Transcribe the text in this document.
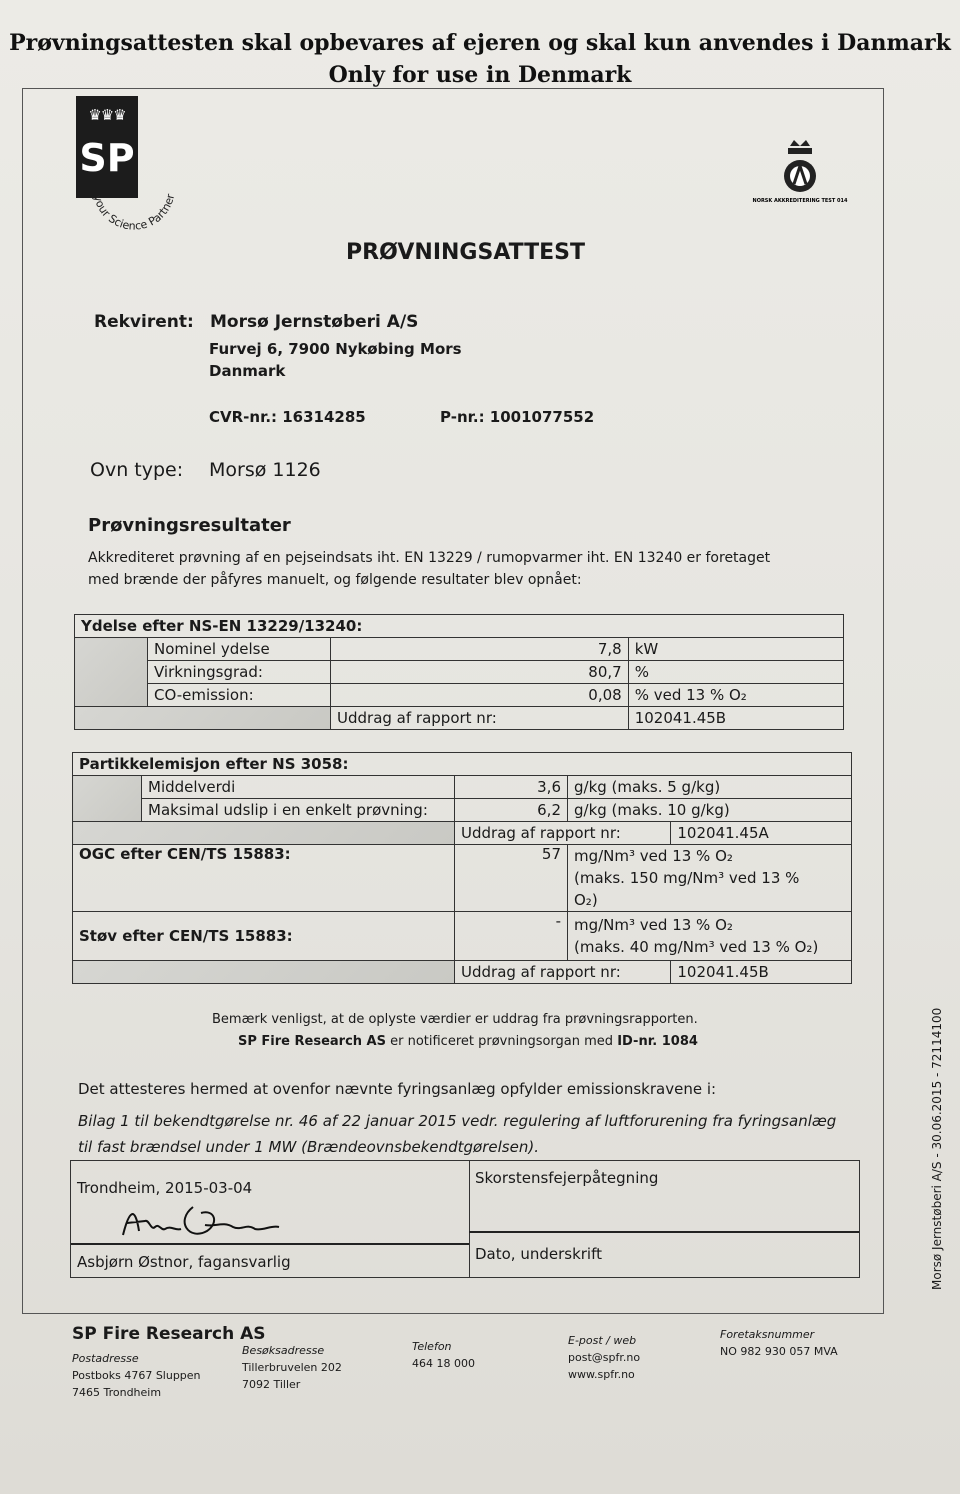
Prøvningsattesten skal opbevares af ejeren og skal kun anvendes i Danmark
Only for use in Denmark
♛♛♛
SP
your Science Partner
NORSK AKKREDITERING TEST 014
PRØVNINGSATTEST
Rekvirent: Morsø Jernstøberi A/S
Furvej 6, 7900 Nykøbing Mors
Danmark
CVR-nr.: 16314285	P-nr.: 1001077552
Ovn type: Morsø 1126
Prøvningsresultater
Akkrediteret prøvning af en pejseindsats iht. EN 13229 / rumopvarmer iht. EN 13240 er foretaget
med brænde der påfyres manuelt, og følgende resultater blev opnået:
Ydelse efter NS-EN 13229/13240:			
	Nominel ydelse	7,8	kW
	Virkningsgrad:	80,7	%
	CO-emission:	0,08	% ved 13 % O₂
		Uddrag af rapport nr:	102041.45B
Partikkelemisjon efter NS 3058:				
	Middelverdi	3,6	g/kg (maks. 5 g/kg)	
	Maksimal udslip i en enkelt prøvning:	6,2	g/kg (maks. 10 g/kg)	
		Uddrag af rapport nr:		102041.45A
OGC efter CEN/TS 15883:		57	mg/Nm³ ved 13 % O₂
(maks. 150 mg/Nm³ ved 13 %
O₂)	

Støv efter CEN/TS 15883:		-	mg/Nm³ ved 13 % O₂
(maks. 40 mg/Nm³ ved 13 % O₂)	

		Uddrag af rapport nr:		102041.45B
Bemærk venligst, at de oplyste værdier er uddrag fra prøvningsrapporten.
SP Fire Research AS er notificeret prøvningsorgan med ID-nr. 1084
Det attesteres hermed at ovenfor nævnte fyringsanlæg opfylder emissionskravene i:
Bilag 1 til bekendtgørelse nr. 46 af 22 januar 2015 vedr. regulering af luftforurening fra fyringsanlæg
til fast brændsel under 1 MW (Brændeovnsbekendtgørelsen).
Trondheim, 2015-03-04
Asbjørn Østnor, fagansvarlig
Skorstensfejerpåtegning
Dato, underskrift
SP Fire Research AS
Postadresse
Postboks 4767 Sluppen
7465 Trondheim
Besøksadresse
Tillerbruvelen 202
7092 Tiller
Telefon
464 18 000
E-post / web
post@spfr.no
www.spfr.no
Foretaksnummer
NO 982 930 057 MVA
Morsø Jernstøberi A/S - 30.06.2015 - 72114100
